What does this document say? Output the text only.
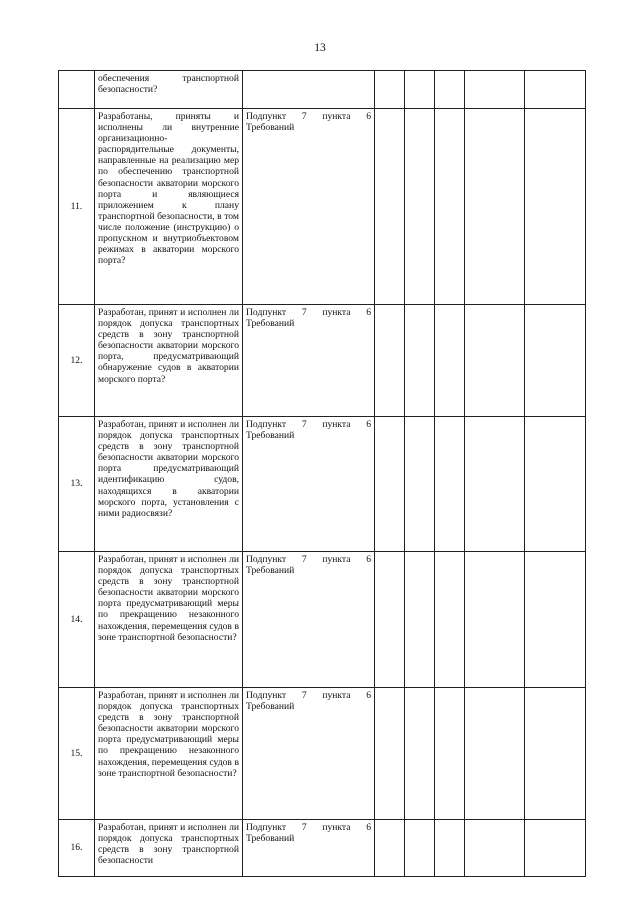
13
	обеспечения транспортной безопасности?						
11.	Разработаны, приняты и исполнены ли внутренние организационно-распорядительные документы, направленные на реализацию мер по обеспечению транспортной безопасности акватории морского порта и являющиеся приложением к плану транспортной безопасности, в том числе положение (инструкцию) о пропускном и внутриобъектовом режимах в акватории морского порта?	Подпункт 7 пункта 6 Требований					
12.	Разработан, принят и исполнен ли порядок допуска транспортных средств в зону транспортной безопасности акватории морского порта, предусматривающий обнаружение судов в акватории морского порта?	Подпункт 7 пункта 6 Требований					
13.	Разработан, принят и исполнен ли порядок допуска транспортных средств в зону транспортной безопасности акватории морского порта предусматривающий идентификацию судов, находящихся в акватории морского порта, установления с ними радиосвязи?	Подпункт 7 пункта 6 Требований					
14.	Разработан, принят и исполнен ли порядок допуска транспортных средств в зону транспортной безопасности акватории морского порта предусматривающий меры по прекращению незаконного нахождения, перемещения судов в зоне транспортной безопасности?	Подпункт 7 пункта 6 Требований					
15.	Разработан, принят и исполнен ли порядок допуска транспортных средств в зону транспортной безопасности акватории морского порта предусматривающий меры по прекращению незаконного нахождения, перемещения судов в зоне транспортной безопасности?	Подпункт 7 пункта 6 Требований					
16.	Разработан, принят и исполнен ли порядок допуска транспортных средств в зону транспортной безопасности	Подпункт 7 пункта 6 Требований					
